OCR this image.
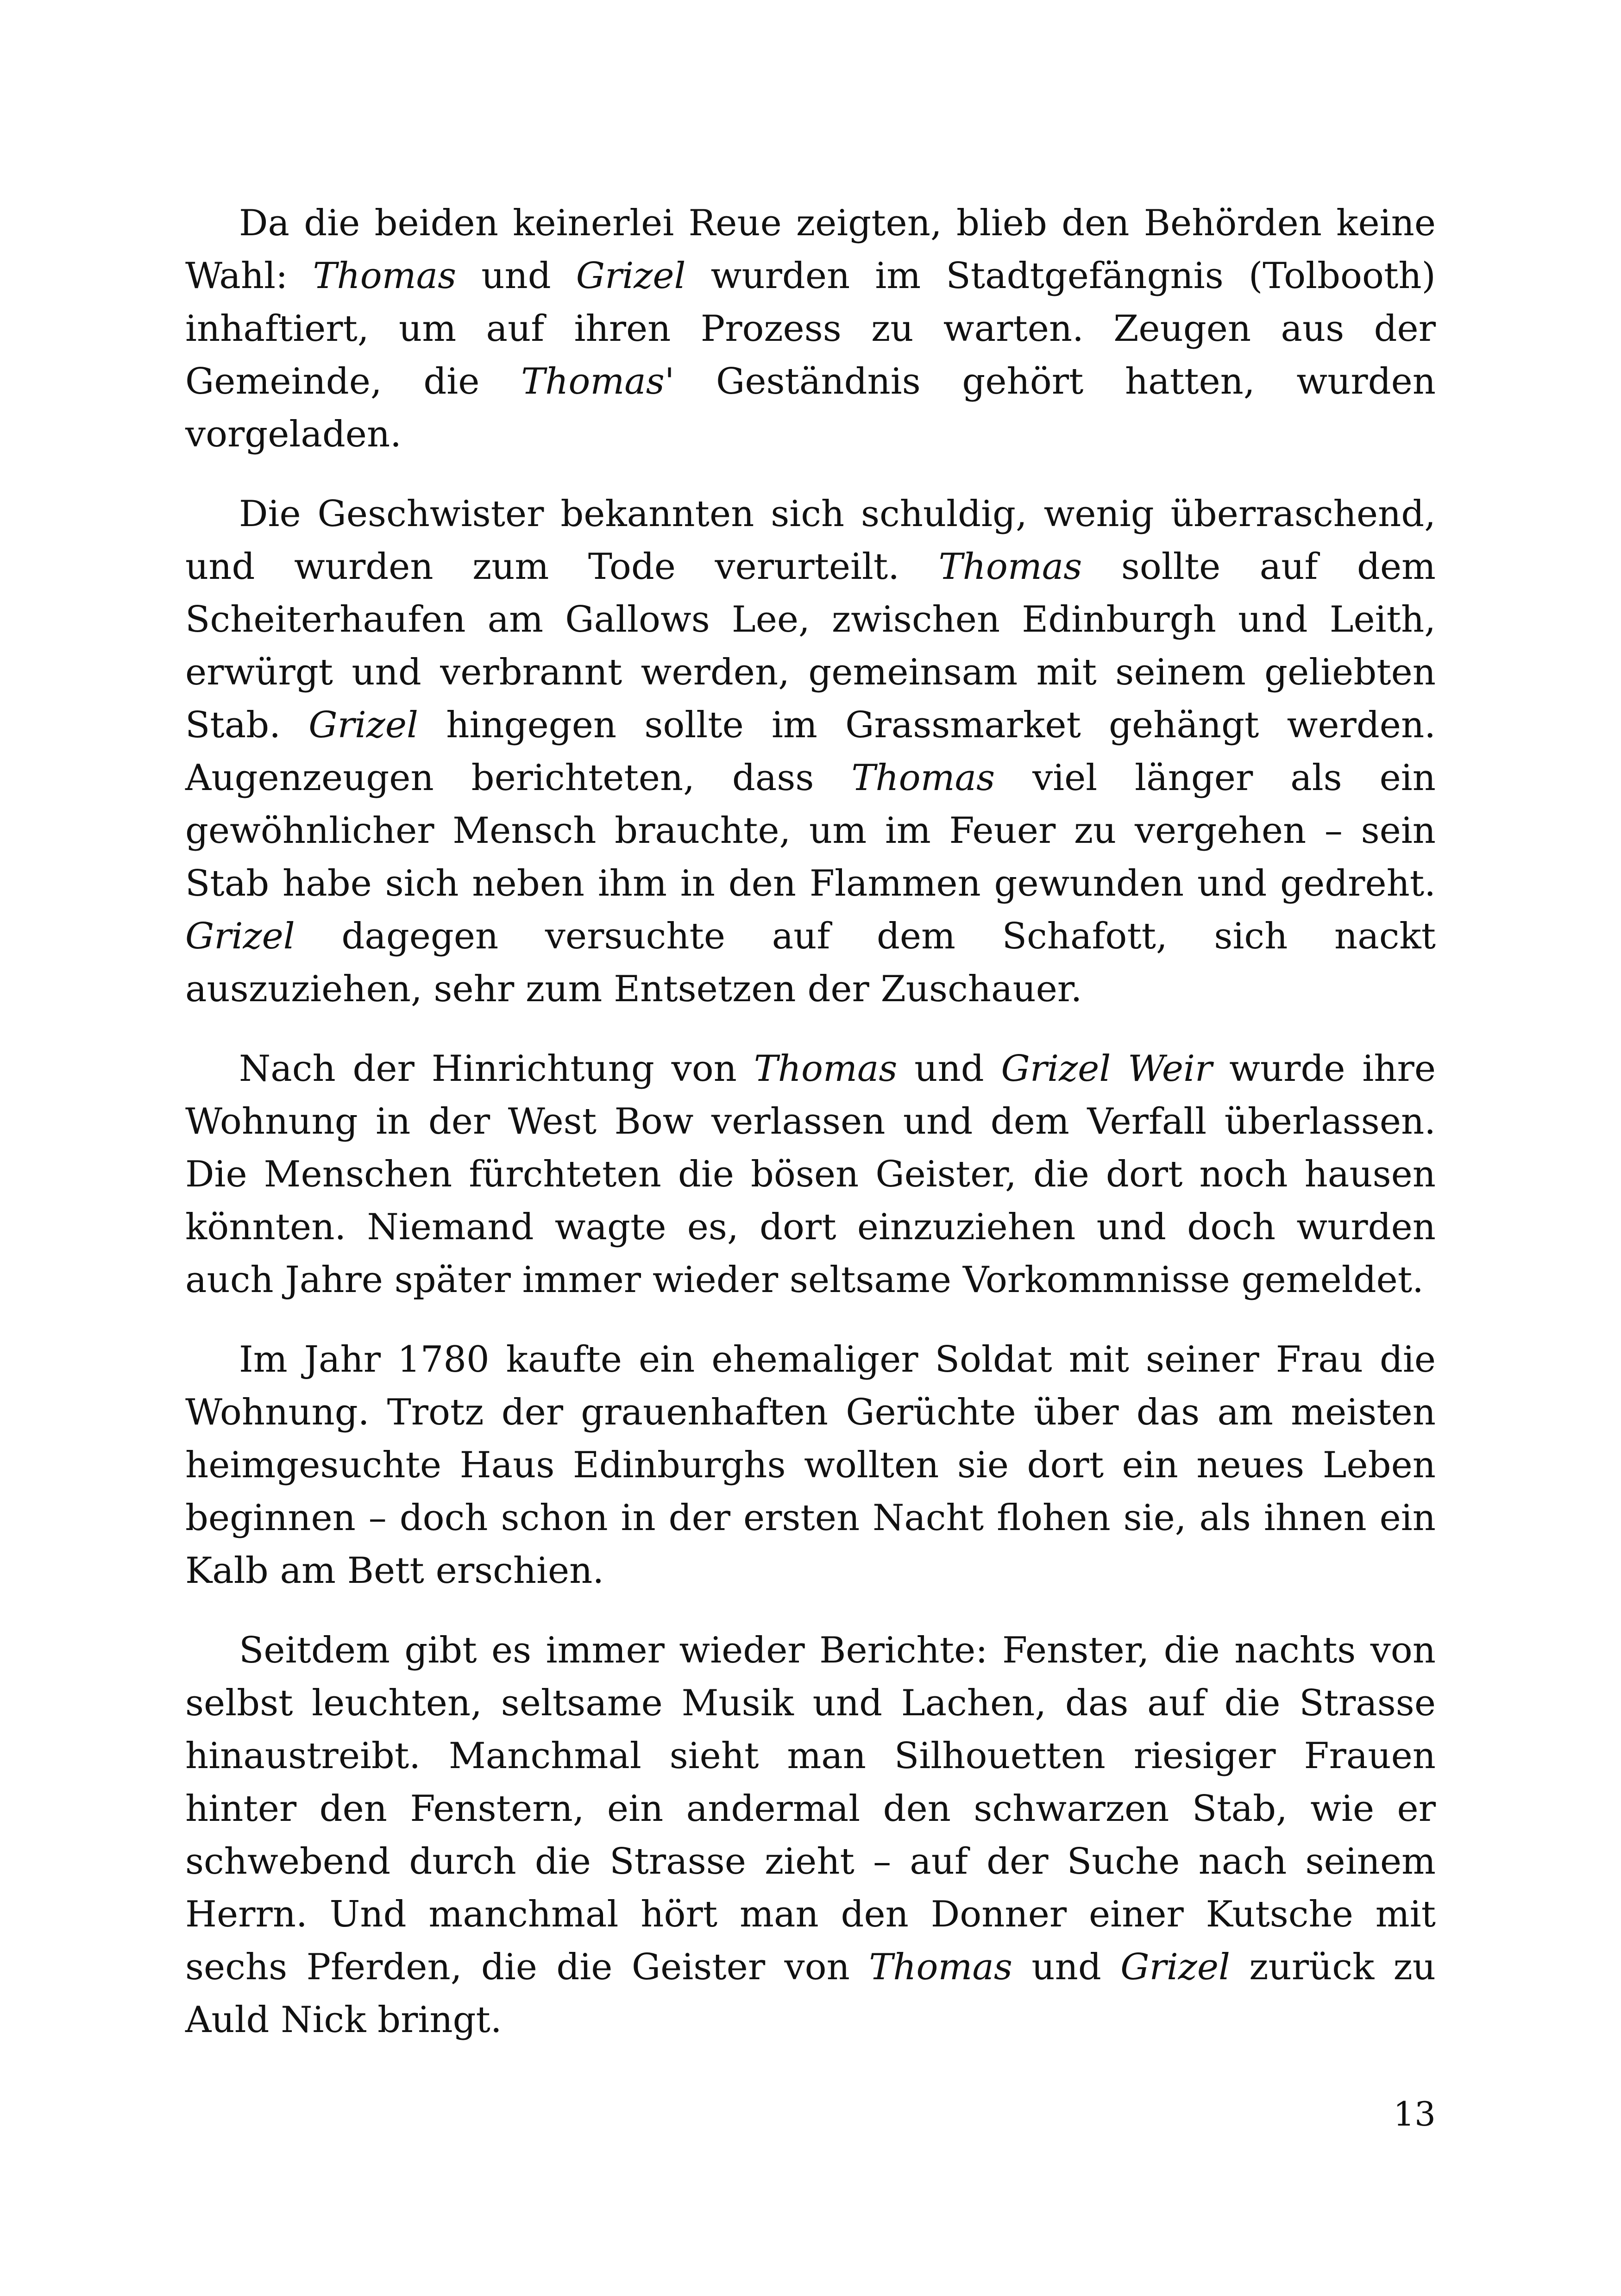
Da die beiden keinerlei Reue zeigten, blieb den Behörden keine Wahl: Thomas und Grizel wurden im Stadtgefängnis (Tolbooth) inhaftiert, um auf ihren Prozess zu warten. Zeugen aus der Gemeinde, die Thomas' Geständnis gehört hatten, wurden vorgeladen.

Die Geschwister bekannten sich schuldig, wenig überraschend, und wurden zum Tode verurteilt. Thomas sollte auf dem Scheiterhaufen am Gallows Lee, zwischen Edinburgh und Leith, erwürgt und verbrannt werden, gemeinsam mit seinem geliebten Stab. Grizel hingegen sollte im Grassmarket gehängt werden. Augenzeugen berichteten, dass Thomas viel länger als ein gewöhnlicher Mensch brauchte, um im Feuer zu vergehen – sein Stab habe sich neben ihm in den Flammen gewunden und gedreht. Grizel dagegen versuchte auf dem Schafott, sich nackt auszuziehen, sehr zum Entsetzen der Zuschauer.

Nach der Hinrichtung von Thomas und Grizel Weir wurde ihre Wohnung in der West Bow verlassen und dem Verfall überlassen. Die Menschen fürchteten die bösen Geister, die dort noch hausen könnten. Niemand wagte es, dort einzuziehen und doch wurden auch Jahre später immer wieder seltsame Vorkommnisse gemeldet.

Im Jahr 1780 kaufte ein ehemaliger Soldat mit seiner Frau die Wohnung. Trotz der grauenhaften Gerüchte über das am meisten heimgesuchte Haus Edinburghs wollten sie dort ein neues Leben beginnen – doch schon in der ersten Nacht flohen sie, als ihnen ein Kalb am Bett erschien.

Seitdem gibt es immer wieder Berichte: Fenster, die nachts von selbst leuchten, seltsame Musik und Lachen, das auf die Strasse hinaustreibt. Manchmal sieht man Silhouetten riesiger Frauen hinter den Fenstern, ein andermal den schwarzen Stab, wie er schwebend durch die Strasse zieht – auf der Suche nach seinem Herrn. Und manchmal hört man den Donner einer Kutsche mit sechs Pferden, die die Geister von Thomas und Grizel zurück zu Auld Nick bringt.

13
